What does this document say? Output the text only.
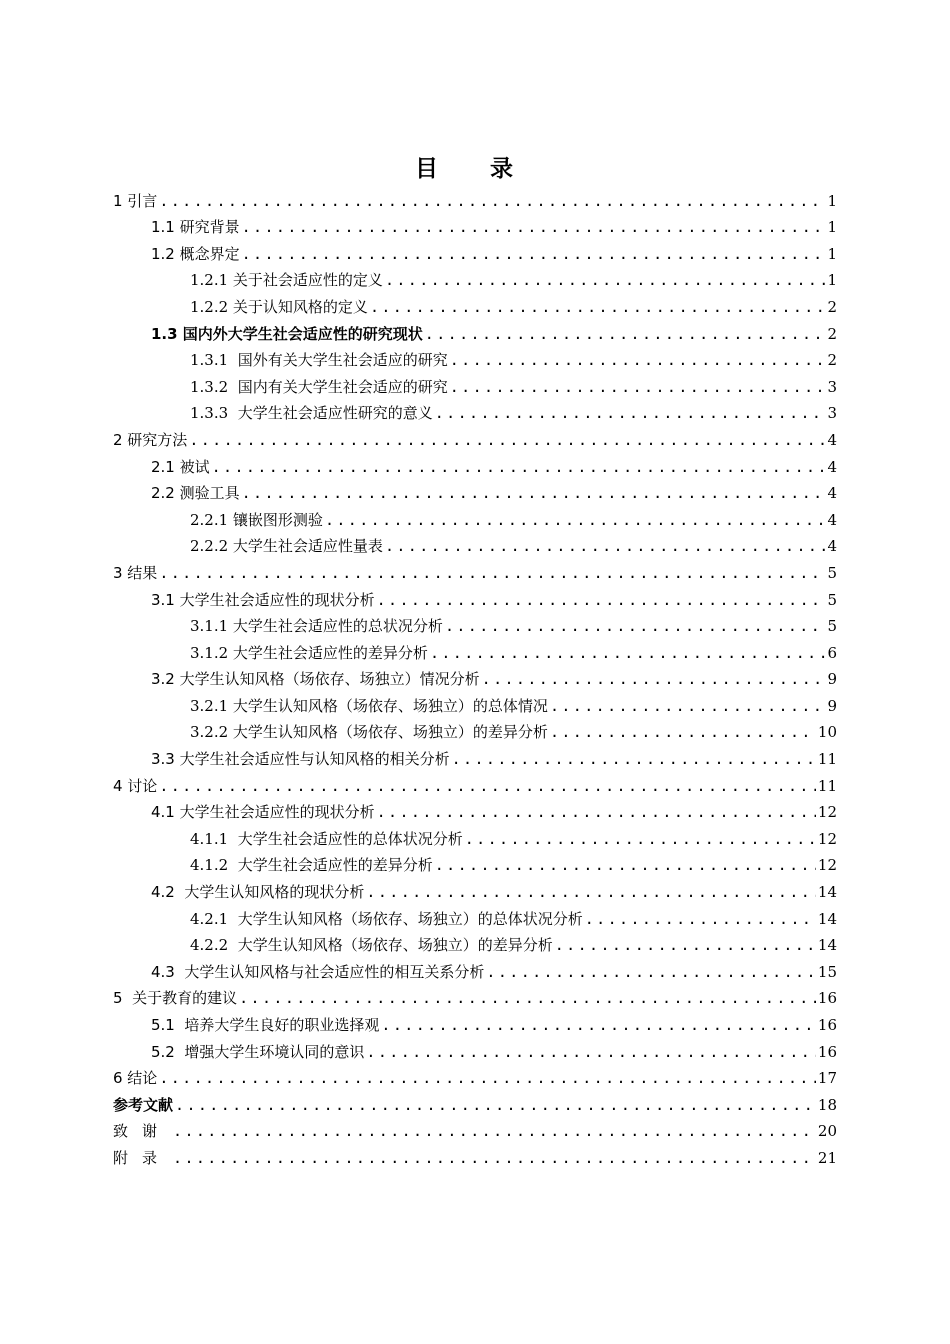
目 录
1 引言 .....	1
1.1 研究背景 .....	1
1.2 概念界定 .....	1
1.2.1 关于社会适应性的定义 .....	1
1.2.2 关于认知风格的定义 .....	2
1.3 国内外大学生社会适应性的研究现状 .....	2
1.3.1  国外有关大学生社会适应的研究 .....	2
1.3.2  国内有关大学生社会适应的研究 .....	3
1.3.3  大学生社会适应性研究的意义 .....	3
2 研究方法 .....	4
2.1 被试 .....	4
2.2 测验工具 .....	4
2.2.1 镶嵌图形测验 .....	4
2.2.2 大学生社会适应性量表 .....	4
3 结果 .....	5
3.1 大学生社会适应性的现状分析 .....	5
3.1.1 大学生社会适应性的总状况分析 .....	5
3.1.2 大学生社会适应性的差异分析 .....	6
3.2 大学生认知风格（场依存、场独立）情况分析 .....	9
3.2.1 大学生认知风格（场依存、场独立）的总体情况 .....	9
3.2.2 大学生认知风格（场依存、场独立）的差异分析 .....	10
3.3 大学生社会适应性与认知风格的相关分析 .....	11
4 讨论 .....	11
4.1 大学生社会适应性的现状分析 .....	12
4.1.1  大学生社会适应性的总体状况分析 .....	12
4.1.2  大学生社会适应性的差异分析 .....	12
4.2  大学生认知风格的现状分析 .....	14
4.2.1  大学生认知风格（场依存、场独立）的总体状况分析 .....	14
4.2.2  大学生认知风格（场依存、场独立）的差异分析 .....	14
4.3  大学生认知风格与社会适应性的相互关系分析 .....	15
5  关于教育的建议 .....	16
5.1  培养大学生良好的职业选择观 .....	16
5.2  增强大学生环境认同的意识 .....	16
6 结论 .....	17
参考文献 .....	18
致谢 .....	20
附录 .....	21
